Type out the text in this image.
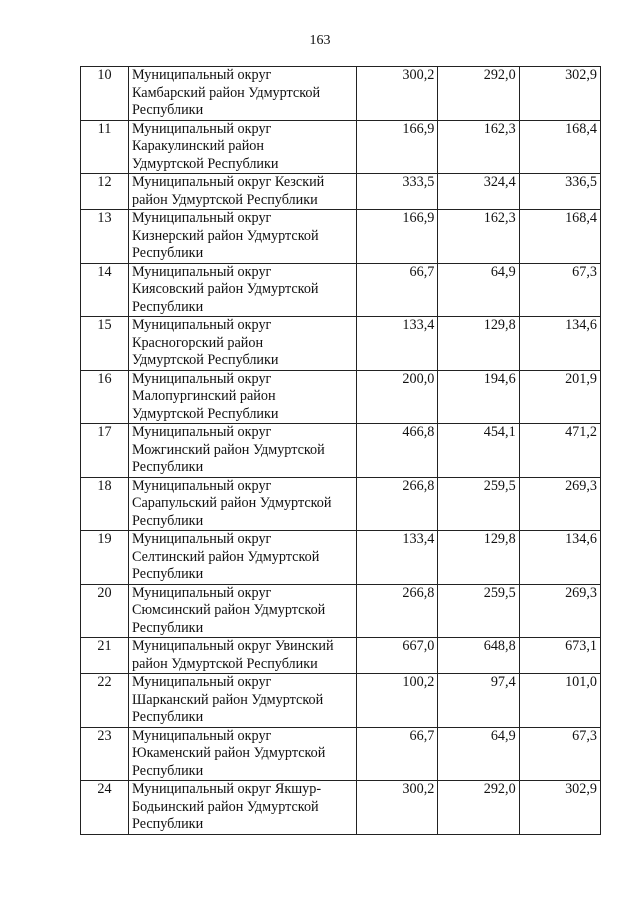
163
10	Муниципальный округ
Камбарский район Удмуртской
Республики	300,2	292,0	302,9
11	Муниципальный округ
Каракулинский район
Удмуртской Республики	166,9	162,3	168,4
12	Муниципальный округ Кезский
район Удмуртской Республики	333,5	324,4	336,5
13	Муниципальный округ
Кизнерский район Удмуртской
Республики	166,9	162,3	168,4
14	Муниципальный округ
Киясовский район Удмуртской
Республики	66,7	64,9	67,3
15	Муниципальный округ
Красногорский район
Удмуртской Республики	133,4	129,8	134,6
16	Муниципальный округ
Малопургинский район
Удмуртской Республики	200,0	194,6	201,9
17	Муниципальный округ
Можгинский район Удмуртской
Республики	466,8	454,1	471,2
18	Муниципальный округ
Сарапульский район Удмуртской
Республики	266,8	259,5	269,3
19	Муниципальный округ
Селтинский район Удмуртской
Республики	133,4	129,8	134,6
20	Муниципальный округ
Сюмсинский район Удмуртской
Республики	266,8	259,5	269,3
21	Муниципальный округ Увинский
район Удмуртской Республики	667,0	648,8	673,1
22	Муниципальный округ
Шарканский район Удмуртской
Республики	100,2	97,4	101,0
23	Муниципальный округ
Юкаменский район Удмуртской
Республики	66,7	64,9	67,3
24	Муниципальный округ Якшур-
Бодьинский район Удмуртской
Республики	300,2	292,0	302,9
